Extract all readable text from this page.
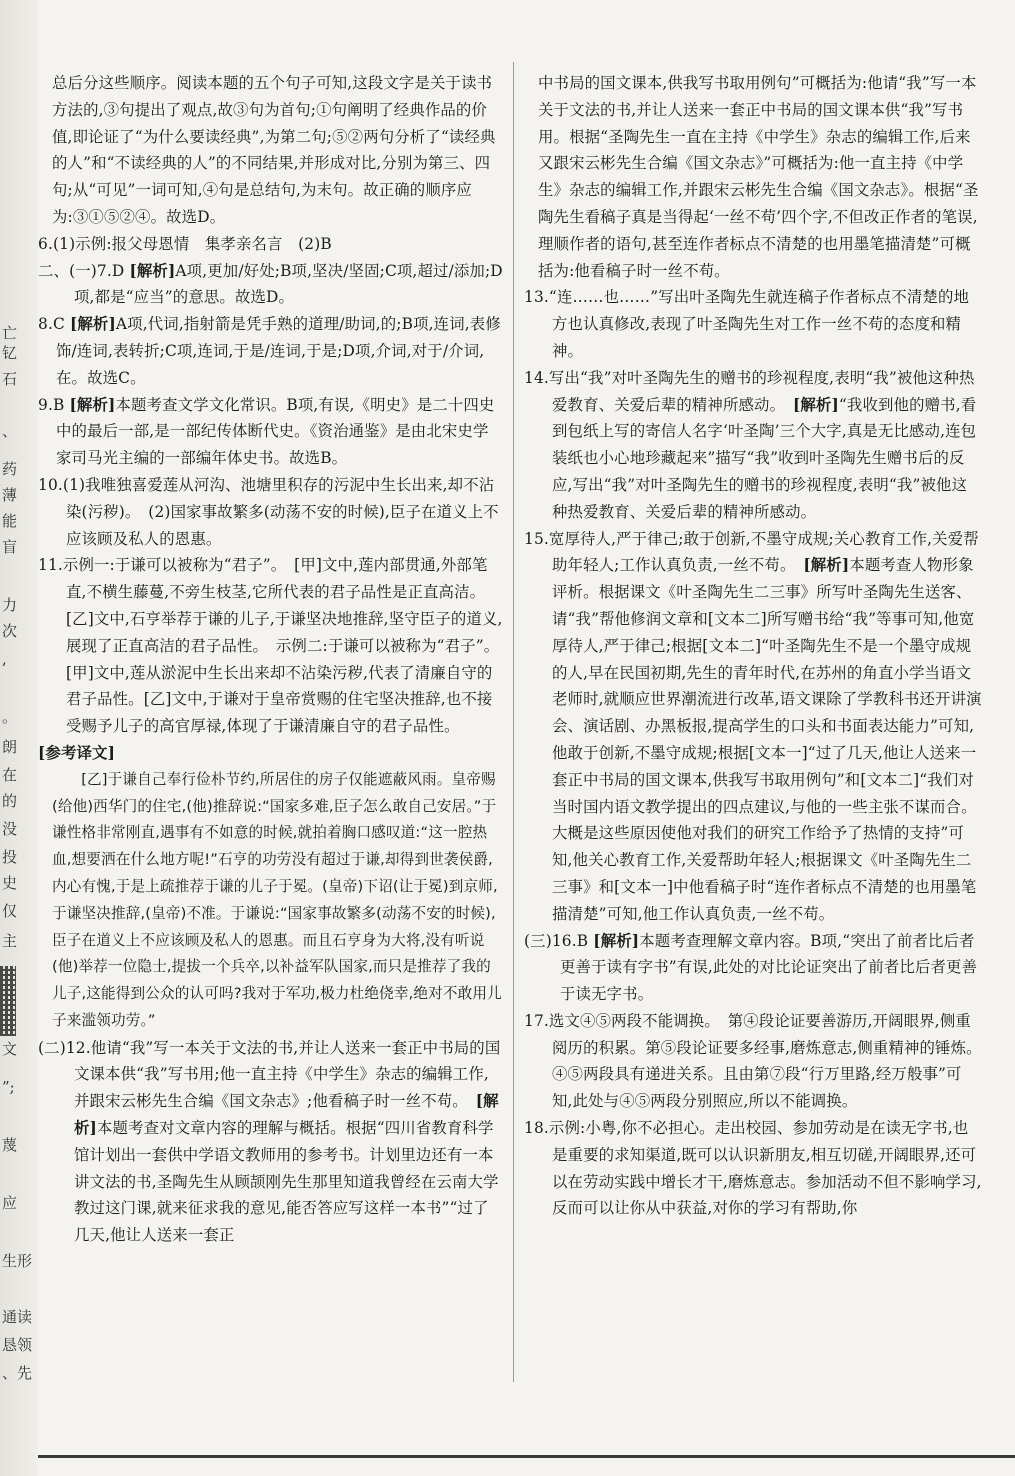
亡
钇
石
、
药
薄
能
盲
力
次
,
。
朗
在
的
没
投
史
仅
主
文
”;
蔑
应
生形
通读
恳领
、先

总后分这些顺序。阅读本题的五个句子可知,这段文字是关于读书方法的,③句提出了观点,故③句为首句;①句阐明了经典作品的价值,即论证了“为什么要读经典”,为第二句;⑤②两句分析了“读经典的人”和“不读经典的人”的不同结果,并形成对比,分别为第三、四句;从“可见”一词可知,④句是总结句,为末句。故正确的顺序应为:③①⑤②④。故选D。

6.(1)示例:报父母恩情　集孝亲名言　(2)B

二、(一)7.D [解析]A项,更加/好处;B项,坚决/坚固;C项,超过/添加;D项,都是“应当”的意思。故选D。

8.C [解析]A项,代词,指射箭是凭手熟的道理/助词,的;B项,连词,表修饰/连词,表转折;C项,连词,于是/连词,于是;D项,介词,对于/介词,在。故选C。

9.B [解析]本题考查文学文化常识。B项,有误,《明史》是二十四史中的最后一部,是一部纪传体断代史。《资治通鉴》是由北宋史学家司马光主编的一部编年体史书。故选B。

10.(1)我唯独喜爱莲从河沟、池塘里积存的污泥中生长出来,却不沾染(污秽)。　(2)国家事故繁多(动荡不安的时候),臣子在道义上不应该顾及私人的恩惠。

11.示例一:于谦可以被称为“君子”。　[甲]文中,莲内部贯通,外部笔直,不横生藤蔓,不旁生枝茎,它所代表的君子品性是正直高洁。[乙]文中,石亨举荐于谦的儿子,于谦坚决地推辞,坚守臣子的道义,展现了正直高洁的君子品性。　示例二:于谦可以被称为“君子”。　[甲]文中,莲从淤泥中生长出来却不沾染污秽,代表了清廉自守的君子品性。[乙]文中,于谦对于皇帝赏赐的住宅坚决推辞,也不接受赐予儿子的高官厚禄,体现了于谦清廉自守的君子品性。

[参考译文]

[乙]于谦自己奉行俭朴节约,所居住的房子仅能遮蔽风雨。皇帝赐(给他)西华门的住宅,(他)推辞说:“国家多难,臣子怎么敢自己安居。”于谦性格非常刚直,遇事有不如意的时候,就拍着胸口感叹道:“这一腔热血,想要洒在什么地方呢!”石亨的功劳没有超过于谦,却得到世袭侯爵,内心有愧,于是上疏推荐于谦的儿子于冕。(皇帝)下诏(让于冕)到京师,于谦坚决推辞,(皇帝)不准。于谦说:“国家事故繁多(动荡不安的时候),臣子在道义上不应该顾及私人的恩惠。而且石亨身为大将,没有听说(他)举荐一位隐士,提拔一个兵卒,以补益军队国家,而只是推荐了我的儿子,这能得到公众的认可吗?我对于军功,极力杜绝侥幸,绝对不敢用儿子来滥领功劳。”

(二)12.他请“我”写一本关于文法的书,并让人送来一套正中书局的国文课本供“我”写书用;他一直主持《中学生》杂志的编辑工作,并跟宋云彬先生合编《国文杂志》;他看稿子时一丝不苟。　[解析]本题考查对文章内容的理解与概括。根据“四川省教育科学馆计划出一套供中学语文教师用的参考书。计划里边还有一本讲文法的书,圣陶先生从顾颉刚先生那里知道我曾经在云南大学教过这门课,就来征求我的意见,能否答应写这样一本书”“过了几天,他让人送来一套正

中书局的国文课本,供我写书取用例句”可概括为:他请“我”写一本关于文法的书,并让人送来一套正中书局的国文课本供“我”写书用。根据“圣陶先生一直在主持《中学生》杂志的编辑工作,后来又跟宋云彬先生合编《国文杂志》”可概括为:他一直主持《中学生》杂志的编辑工作,并跟宋云彬先生合编《国文杂志》。根据“圣陶先生看稿子真是当得起‘一丝不苟’四个字,不但改正作者的笔误,理顺作者的语句,甚至连作者标点不清楚的也用墨笔描清楚”可概括为:他看稿子时一丝不苟。

13.“连……也……”写出叶圣陶先生就连稿子作者标点不清楚的地方也认真修改,表现了叶圣陶先生对工作一丝不苟的态度和精神。

14.写出“我”对叶圣陶先生的赠书的珍视程度,表明“我”被他这种热爱教育、关爱后辈的精神所感动。　[解析]“我收到他的赠书,看到包纸上写的寄信人名字‘叶圣陶’三个大字,真是无比感动,连包装纸也小心地珍藏起来”描写“我”收到叶圣陶先生赠书后的反应,写出“我”对叶圣陶先生的赠书的珍视程度,表明“我”被他这种热爱教育、关爱后辈的精神所感动。

15.宽厚待人,严于律己;敢于创新,不墨守成规;关心教育工作,关爱帮助年轻人;工作认真负责,一丝不苟。　[解析]本题考查人物形象评析。根据课文《叶圣陶先生二三事》所写叶圣陶先生送客、请“我”帮他修润文章和[文本二]所写赠书给“我”等事可知,他宽厚待人,严于律己;根据[文本二]“叶圣陶先生不是一个墨守成规的人,早在民国初期,先生的青年时代,在苏州的角直小学当语文老师时,就顺应世界潮流进行改革,语文课除了学教科书还开讲演会、演话剧、办黑板报,提高学生的口头和书面表达能力”可知,他敢于创新,不墨守成规;根据[文本一]“过了几天,他让人送来一套正中书局的国文课本,供我写书取用例句”和[文本二]“我们对当时国内语文教学提出的四点建议,与他的一些主张不谋而合。大概是这些原因使他对我们的研究工作给予了热情的支持”可知,他关心教育工作,关爱帮助年轻人;根据课文《叶圣陶先生二三事》和[文本一]中他看稿子时“连作者标点不清楚的也用墨笔描清楚”可知,他工作认真负责,一丝不苟。

(三)16.B [解析]本题考查理解文章内容。B项,“突出了前者比后者更善于读有字书”有误,此处的对比论证突出了前者比后者更善于读无字书。

17.选文④⑤两段不能调换。　第④段论证要善游历,开阔眼界,侧重阅历的积累。第⑤段论证要多经事,磨炼意志,侧重精神的锤炼。④⑤两段具有递进关系。且由第⑦段“行万里路,经万般事”可知,此处与④⑤两段分别照应,所以不能调换。

18.示例:小粤,你不必担心。走出校园、参加劳动是在读无字书,也是重要的求知渠道,既可以认识新朋友,相互切磋,开阔眼界,还可以在劳动实践中增长才干,磨炼意志。参加活动不但不影响学习,反而可以让你从中获益,对你的学习有帮助,你
